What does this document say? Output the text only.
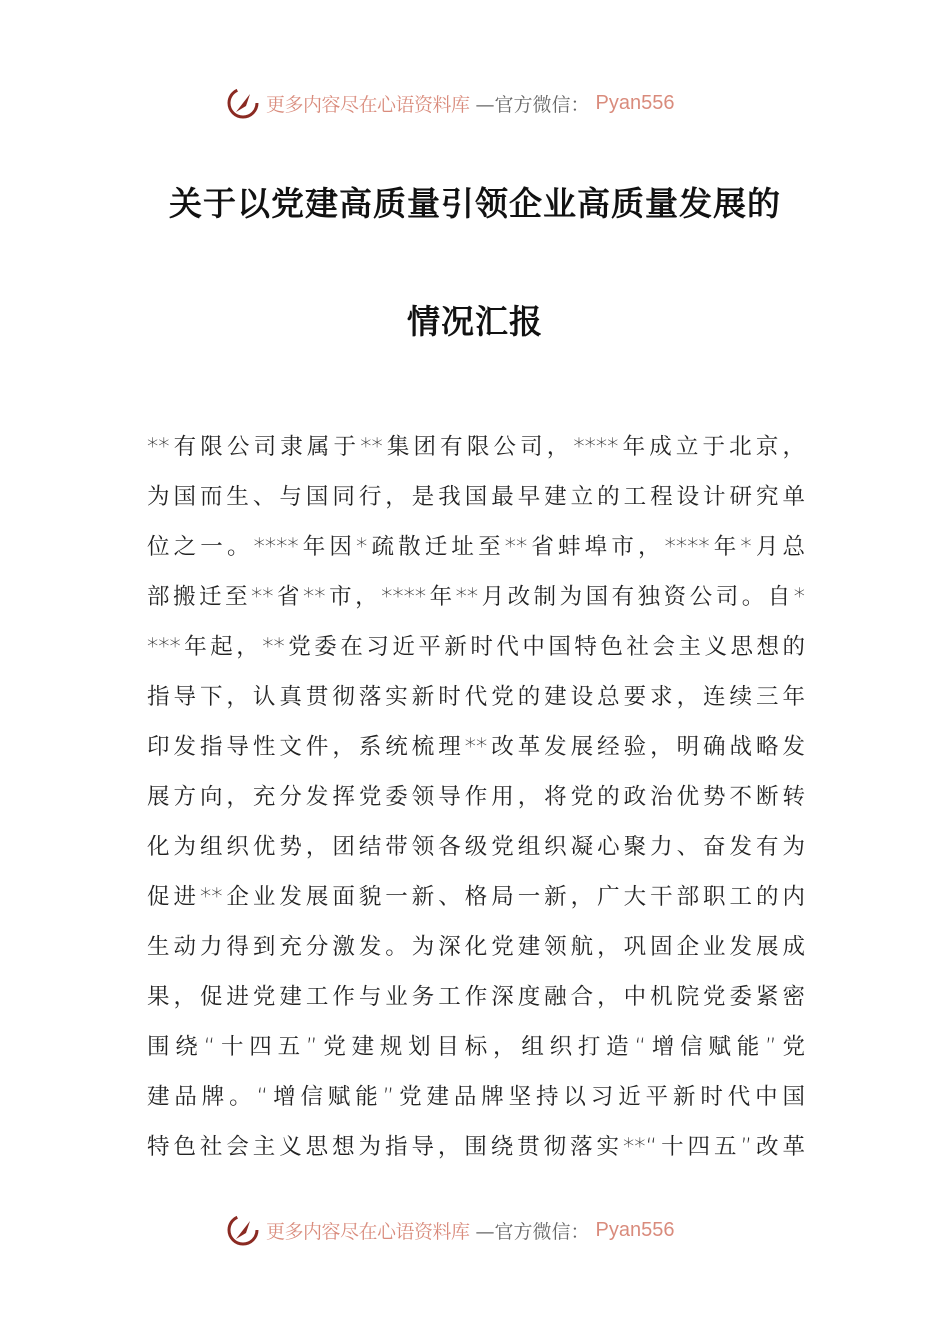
更多内容尽在心语资料库 —官方微信： Pyan556
关于以党建高质量引领企业高质量发展的
情况汇报
**有限公司隶属于**集团有限公司，****年成立于北京，
为国而生、与国同行，是我国最早建立的工程设计研究单
位之一。****年因*疏散迁址至**省蚌埠市，****年*月总
部搬迁至**省**市，****年**月改制为国有独资公司。自*
***年起，**党委在习近平新时代中国特色社会主义思想的
指导下，认真贯彻落实新时代党的建设总要求，连续三年
印发指导性文件，系统梳理**改革发展经验，明确战略发
展方向，充分发挥党委领导作用，将党的政治优势不断转
化为组织优势，团结带领各级党组织凝心聚力、奋发有为
促进**企业发展面貌一新、格局一新，广大干部职工的内
生动力得到充分激发。为深化党建领航，巩固企业发展成
果，促进党建工作与业务工作深度融合，中机院党委紧密
围绕“十四五”党建规划目标，组织打造“增信赋能”党
建品牌。“增信赋能”党建品牌坚持以习近平新时代中国
特色社会主义思想为指导，围绕贯彻落实**“十四五”改革
更多内容尽在心语资料库 —官方微信： Pyan556
